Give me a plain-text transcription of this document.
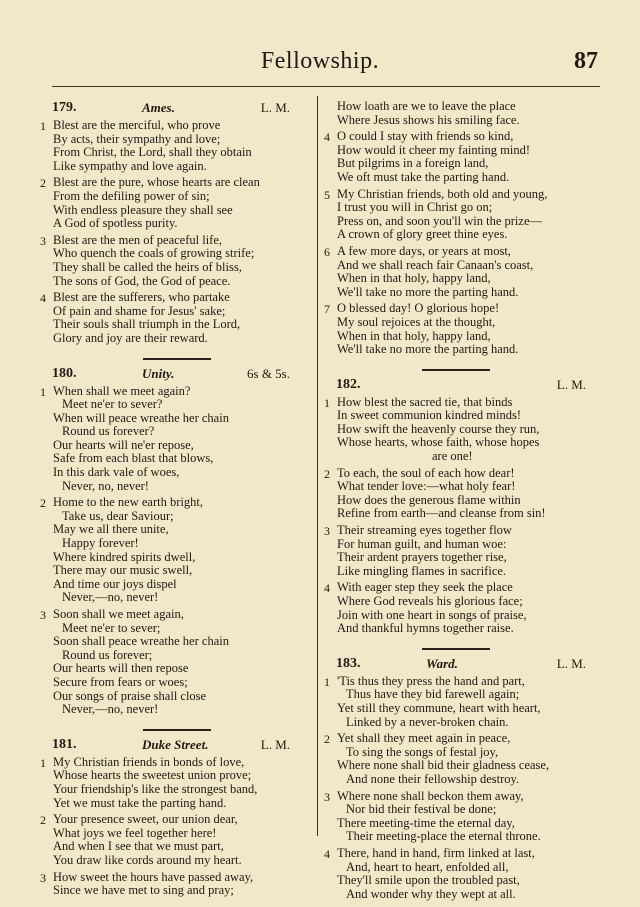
Fellowship.	87
179.	Ames.	L. M.
1 Blest are the merciful, who prove
By acts, their sympathy and love;
From Christ, the Lord, shall they obtain
Like sympathy and love again.
2 Blest are the pure, whose hearts are clean
From the defiling power of sin;
With endless pleasure they shall see
A God of spotless purity.
3 Blest are the men of peaceful life,
Who quench the coals of growing strife;
They shall be called the heirs of bliss,
The sons of God, the God of peace.
4 Blest are the sufferers, who partake
Of pain and shame for Jesus' sake;
Their souls shall triumph in the Lord,
Glory and joy are their reward.
180.	Unity.	6s & 5s.
1 When shall we meet again?
Meet ne'er to sever?
When will peace wreathe her chain
Round us forever?
Our hearts will ne'er repose,
Safe from each blast that blows,
In this dark vale of woes,
Never, no, never!
2 Home to the new earth bright,
Take us, dear Saviour;
May we all there unite,
Happy forever!
Where kindred spirits dwell,
There may our music swell,
And time our joys dispel
Never,—no, never!
3 Soon shall we meet again,
Meet ne'er to sever;
Soon shall peace wreathe her chain
Round us forever;
Our hearts will then repose
Secure from fears or woes;
Our songs of praise shall close
Never,—no, never!
181.	Duke Street.	L. M.
1 My Christian friends in bonds of love,
Whose hearts the sweetest union prove;
Your friendship's like the strongest band,
Yet we must take the parting hand.
2 Your presence sweet, our union dear,
What joys we feel together here!
And when I see that we must part,
You draw like cords around my heart.
3 How sweet the hours have passed away,
Since we have met to sing and pray;
How loath are we to leave the place
Where Jesus shows his smiling face.
4 O could I stay with friends so kind,
How would it cheer my fainting mind!
But pilgrims in a foreign land,
We oft must take the parting hand.
5 My Christian friends, both old and young,
I trust you will in Christ go on;
Press on, and soon you'll win the prize—
A crown of glory greet thine eyes.
6 A few more days, or years at most,
And we shall reach fair Canaan's coast,
When in that holy, happy land,
We'll take no more the parting hand.
7 O blessed day! O glorious hope!
My soul rejoices at the thought,
When in that holy, happy land,
We'll take no more the parting hand.
182.	L. M.
1 How blest the sacred tie, that binds
In sweet communion kindred minds!
How swift the heavenly course they run,
Whose hearts, whose faith, whose hopes
are one!
2 To each, the soul of each how dear!
What tender love:—what holy fear!
How does the generous flame within
Refine from earth—and cleanse from sin!
3 Their streaming eyes together flow
For human guilt, and human woe:
Their ardent prayers together rise,
Like mingling flames in sacrifice.
4 With eager step they seek the place
Where God reveals his glorious face;
Join with one heart in songs of praise,
And thankful hymns together raise.
183.	Ward.	L. M.
1 'Tis thus they press the hand and part,
Thus have they bid farewell again;
Yet still they commune, heart with heart,
Linked by a never-broken chain.
2 Yet shall they meet again in peace,
To sing the songs of festal joy,
Where none shall bid their gladness cease,
And none their fellowship destroy.
3 Where none shall beckon them away,
Nor bid their festival be done;
There meeting-time the eternal day,
Their meeting-place the eternal throne.
4 There, hand in hand, firm linked at last,
And, heart to heart, enfolded all,
They'll smile upon the troubled past,
And wonder why they wept at all.
